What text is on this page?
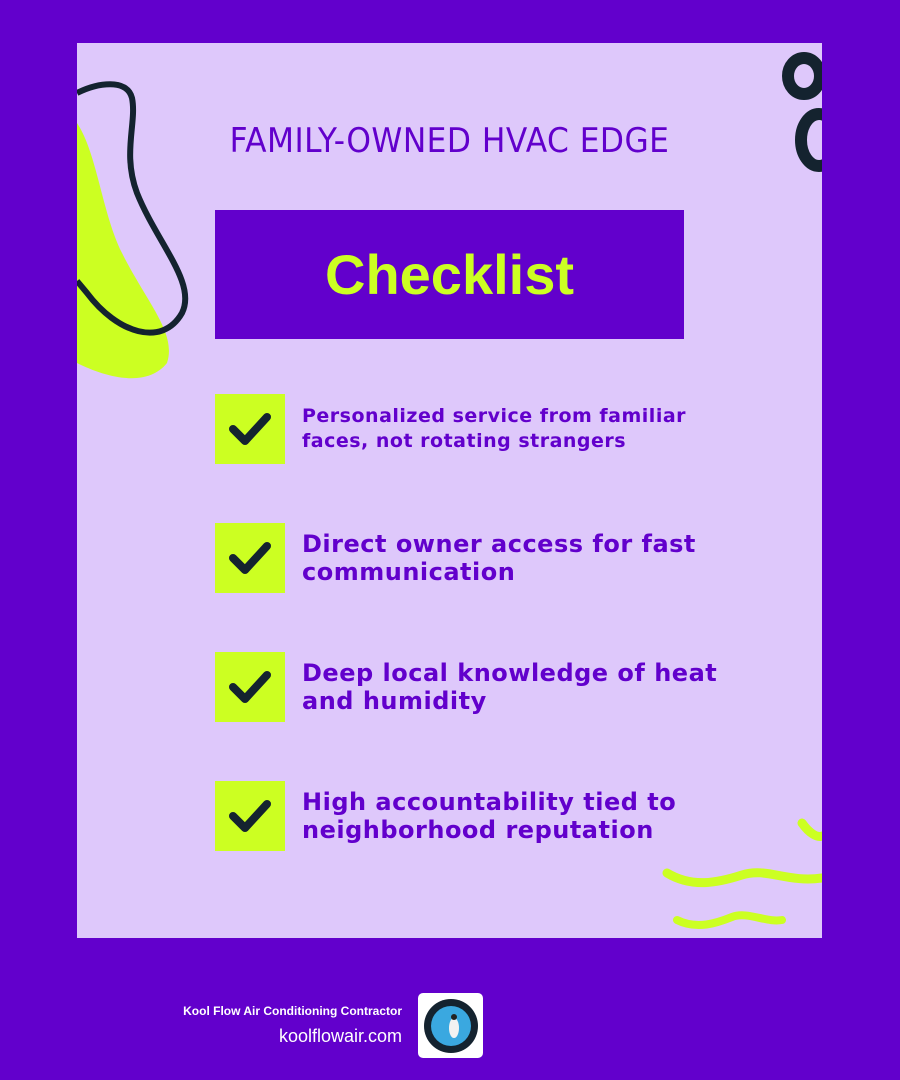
FAMILY-OWNED HVAC EDGE
Checklist
Personalized service from familiar faces, not rotating strangers
Direct owner access for fast communication
Deep local knowledge of heat and humidity
High accountability tied to neighborhood reputation
Kool Flow Air Conditioning Contractor
koolflowair.com
